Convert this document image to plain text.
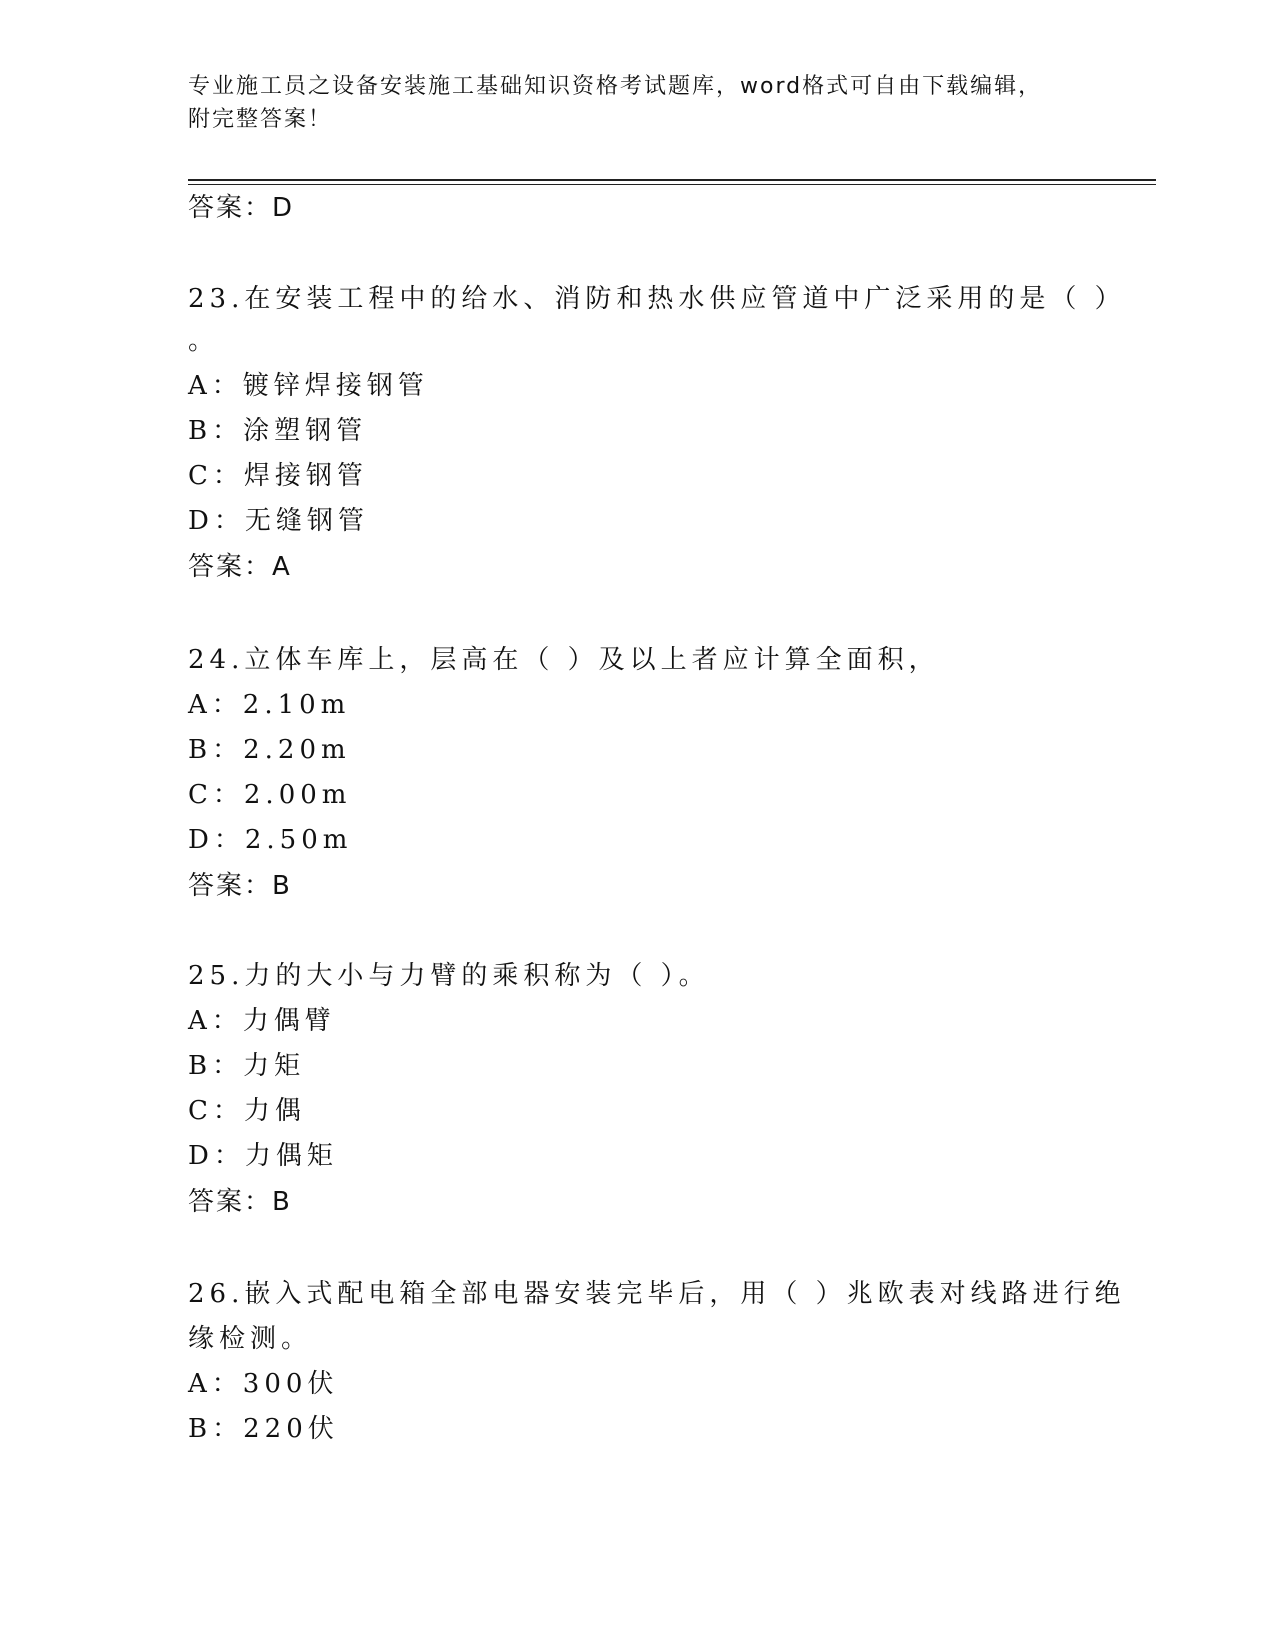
专业施工员之设备安装施工基础知识资格考试题库，word格式可自由下载编辑，
附完整答案！
答案：D
23.在安装工程中的给水、消防和热水供应管道中广泛采用的是（ ）
。
A：镀锌焊接钢管
B：涂塑钢管
C：焊接钢管
D：无缝钢管
答案：A
24.立体车库上，层高在（ ）及以上者应计算全面积，
A：2.10m
B：2.20m
C：2.00m
D：2.50m
答案：B
25.力的大小与力臂的乘积称为（ ）。
A：力偶臂
B：力矩
C：力偶
D：力偶矩
答案：B
26.嵌入式配电箱全部电器安装完毕后，用（ ）兆欧表对线路进行绝
缘检测。
A：300伏
B：220伏
